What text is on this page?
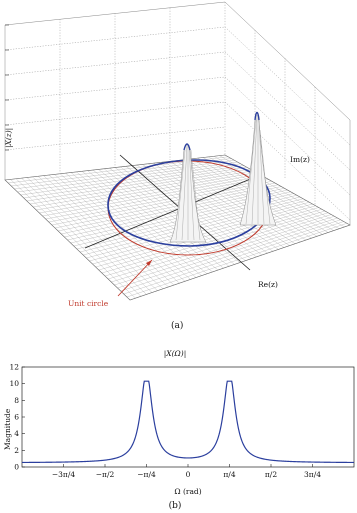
|X(z)|
Im(z)
Re(z)
Unit circle
(a)
|X(Ω)|
0
2
4
6
8
10
12
−3π/4	−π/2	−π/4	0	π/4	π/2	3π/4
Magnitude
Ω (rad)
(b)
